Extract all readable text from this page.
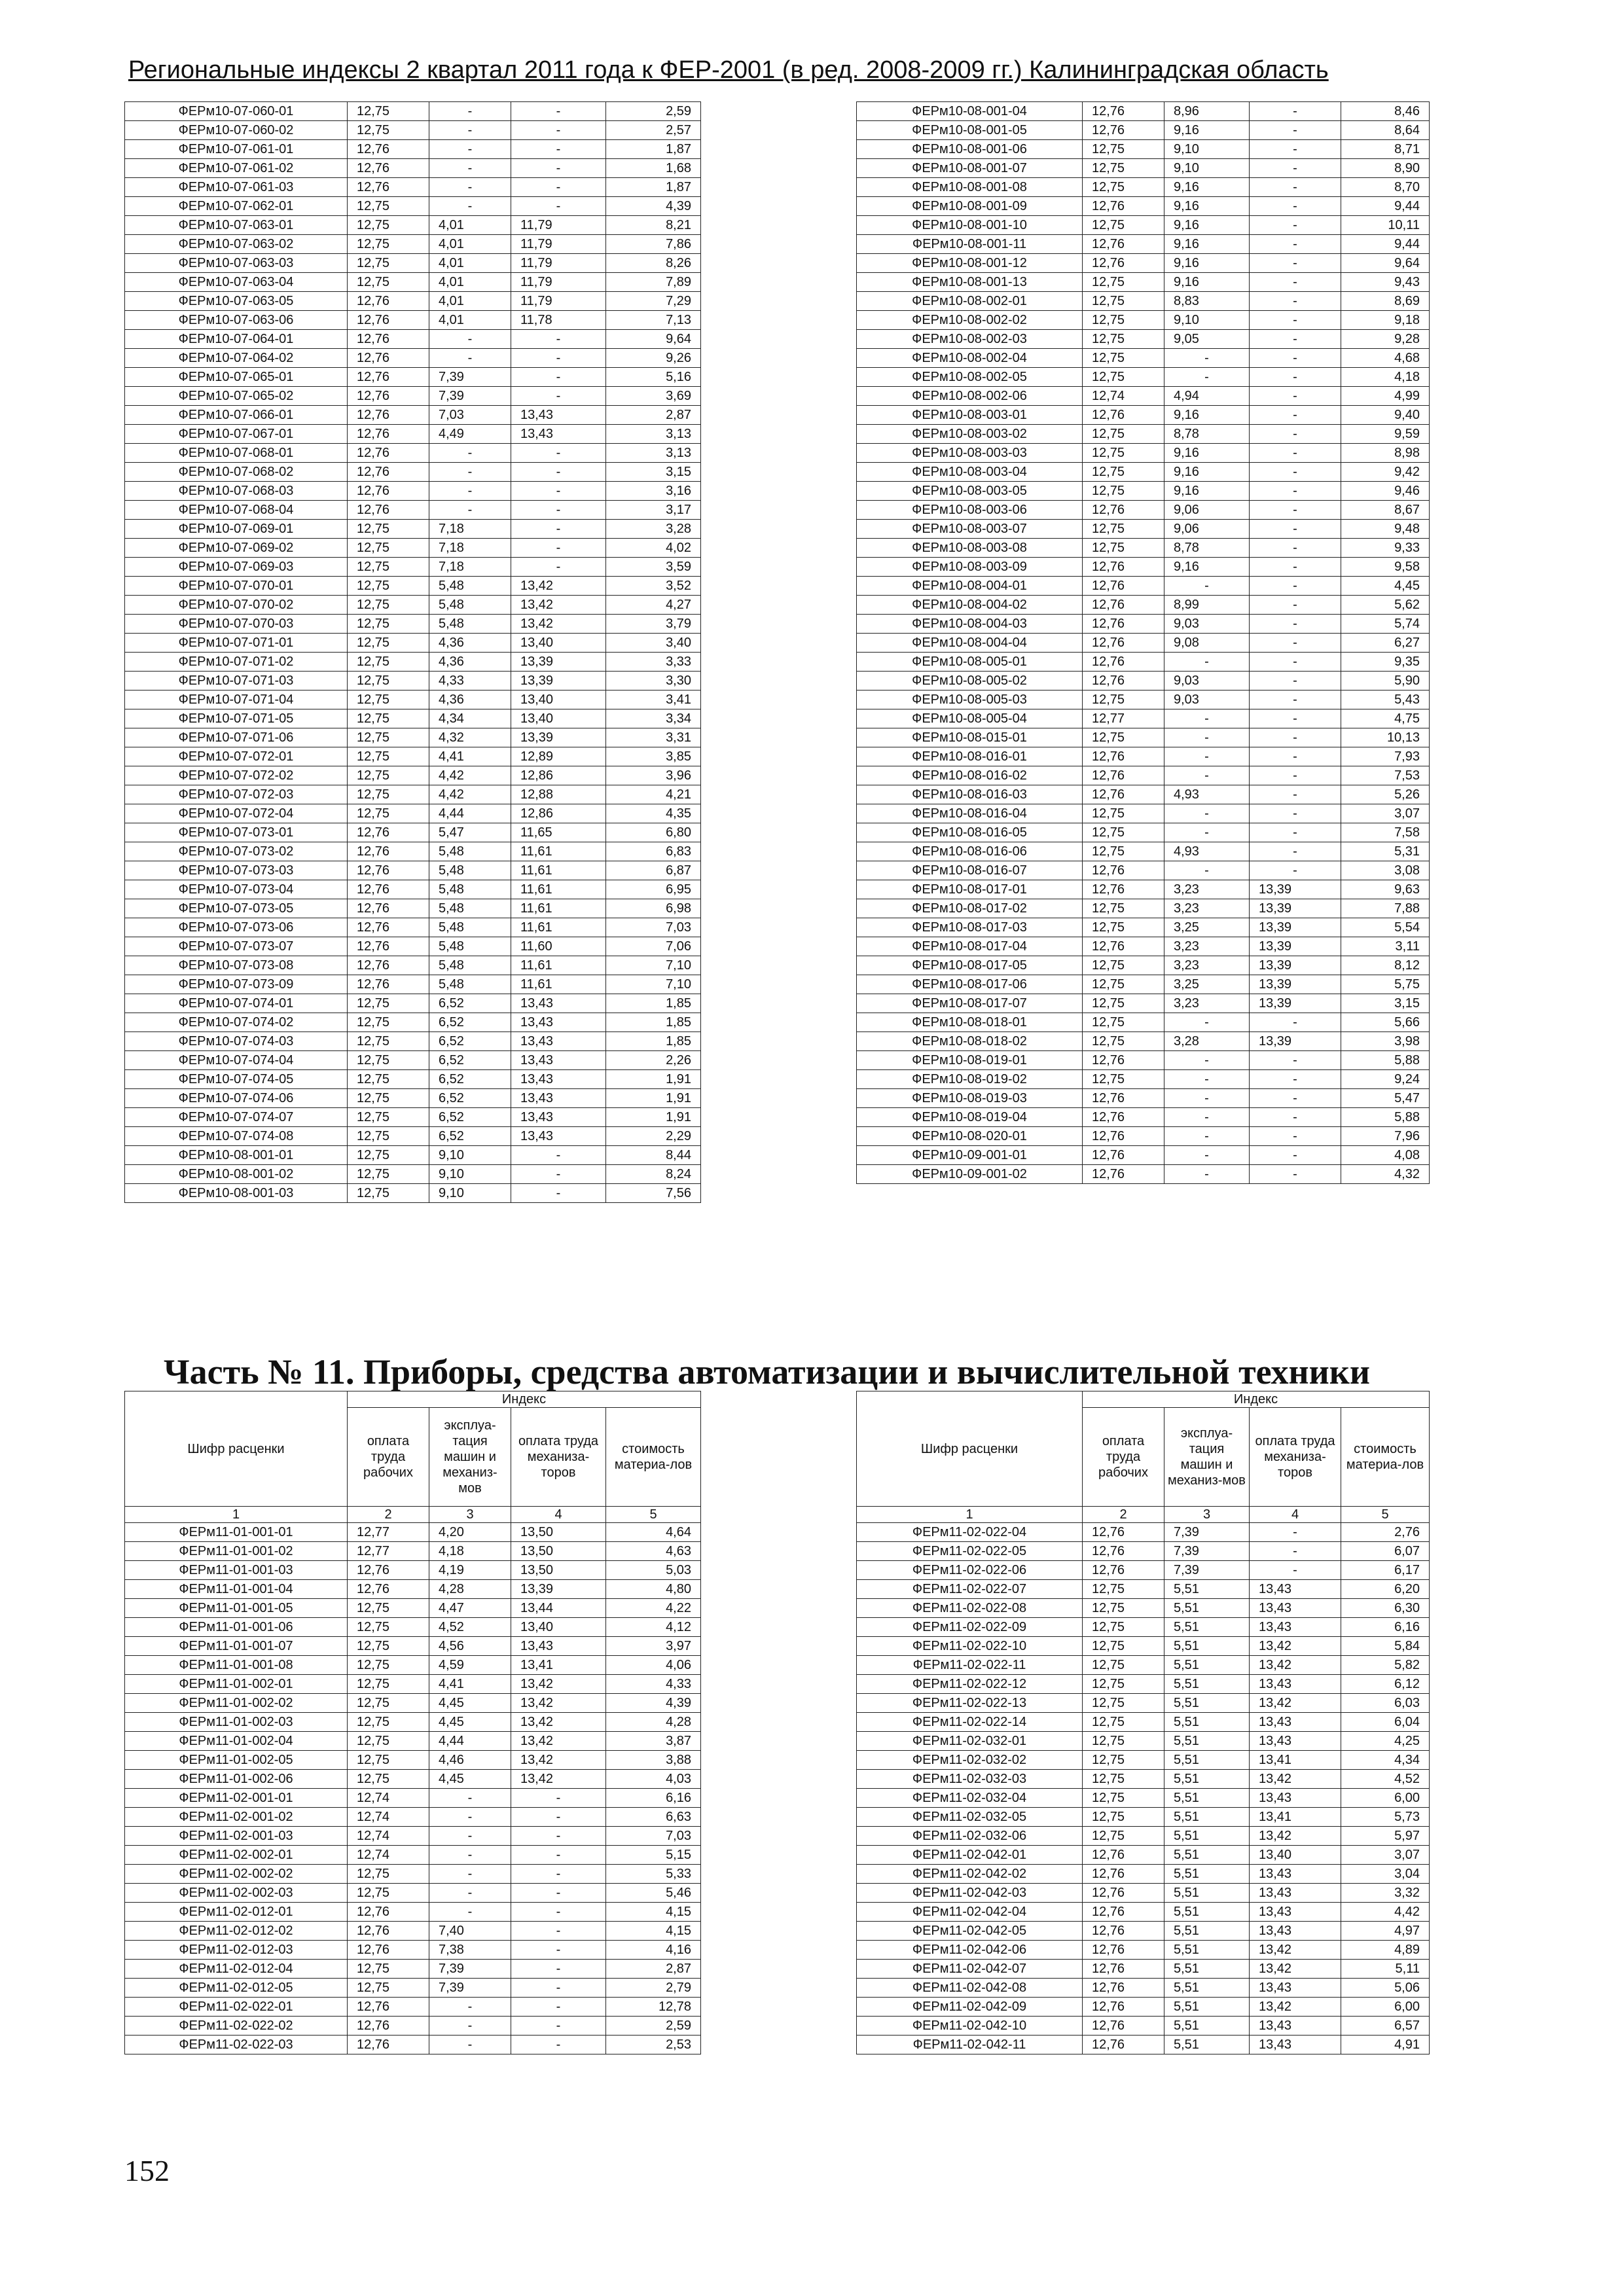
Региональные индексы 2 квартал 2011 года к ФЕР-2001 (в ред. 2008-2009 гг.) Калининградская область
ФЕРм10-07-060-01	12,75	-	-	2,59
ФЕРм10-07-060-02	12,75	-	-	2,57
ФЕРм10-07-061-01	12,76	-	-	1,87
ФЕРм10-07-061-02	12,76	-	-	1,68
ФЕРм10-07-061-03	12,76	-	-	1,87
ФЕРм10-07-062-01	12,75	-	-	4,39
ФЕРм10-07-063-01	12,75	4,01	11,79	8,21
ФЕРм10-07-063-02	12,75	4,01	11,79	7,86
ФЕРм10-07-063-03	12,75	4,01	11,79	8,26
ФЕРм10-07-063-04	12,75	4,01	11,79	7,89
ФЕРм10-07-063-05	12,76	4,01	11,79	7,29
ФЕРм10-07-063-06	12,76	4,01	11,78	7,13
ФЕРм10-07-064-01	12,76	-	-	9,64
ФЕРм10-07-064-02	12,76	-	-	9,26
ФЕРм10-07-065-01	12,76	7,39	-	5,16
ФЕРм10-07-065-02	12,76	7,39	-	3,69
ФЕРм10-07-066-01	12,76	7,03	13,43	2,87
ФЕРм10-07-067-01	12,76	4,49	13,43	3,13
ФЕРм10-07-068-01	12,76	-	-	3,13
ФЕРм10-07-068-02	12,76	-	-	3,15
ФЕРм10-07-068-03	12,76	-	-	3,16
ФЕРм10-07-068-04	12,76	-	-	3,17
ФЕРм10-07-069-01	12,75	7,18	-	3,28
ФЕРм10-07-069-02	12,75	7,18	-	4,02
ФЕРм10-07-069-03	12,75	7,18	-	3,59
ФЕРм10-07-070-01	12,75	5,48	13,42	3,52
ФЕРм10-07-070-02	12,75	5,48	13,42	4,27
ФЕРм10-07-070-03	12,75	5,48	13,42	3,79
ФЕРм10-07-071-01	12,75	4,36	13,40	3,40
ФЕРм10-07-071-02	12,75	4,36	13,39	3,33
ФЕРм10-07-071-03	12,75	4,33	13,39	3,30
ФЕРм10-07-071-04	12,75	4,36	13,40	3,41
ФЕРм10-07-071-05	12,75	4,34	13,40	3,34
ФЕРм10-07-071-06	12,75	4,32	13,39	3,31
ФЕРм10-07-072-01	12,75	4,41	12,89	3,85
ФЕРм10-07-072-02	12,75	4,42	12,86	3,96
ФЕРм10-07-072-03	12,75	4,42	12,88	4,21
ФЕРм10-07-072-04	12,75	4,44	12,86	4,35
ФЕРм10-07-073-01	12,76	5,47	11,65	6,80
ФЕРм10-07-073-02	12,76	5,48	11,61	6,83
ФЕРм10-07-073-03	12,76	5,48	11,61	6,87
ФЕРм10-07-073-04	12,76	5,48	11,61	6,95
ФЕРм10-07-073-05	12,76	5,48	11,61	6,98
ФЕРм10-07-073-06	12,76	5,48	11,61	7,03
ФЕРм10-07-073-07	12,76	5,48	11,60	7,06
ФЕРм10-07-073-08	12,76	5,48	11,61	7,10
ФЕРм10-07-073-09	12,76	5,48	11,61	7,10
ФЕРм10-07-074-01	12,75	6,52	13,43	1,85
ФЕРм10-07-074-02	12,75	6,52	13,43	1,85
ФЕРм10-07-074-03	12,75	6,52	13,43	1,85
ФЕРм10-07-074-04	12,75	6,52	13,43	2,26
ФЕРм10-07-074-05	12,75	6,52	13,43	1,91
ФЕРм10-07-074-06	12,75	6,52	13,43	1,91
ФЕРм10-07-074-07	12,75	6,52	13,43	1,91
ФЕРм10-07-074-08	12,75	6,52	13,43	2,29
ФЕРм10-08-001-01	12,75	9,10	-	8,44
ФЕРм10-08-001-02	12,75	9,10	-	8,24
ФЕРм10-08-001-03	12,75	9,10	-	7,56
ФЕРм10-08-001-04	12,76	8,96	-	8,46
ФЕРм10-08-001-05	12,76	9,16	-	8,64
ФЕРм10-08-001-06	12,75	9,10	-	8,71
ФЕРм10-08-001-07	12,75	9,10	-	8,90
ФЕРм10-08-001-08	12,75	9,16	-	8,70
ФЕРм10-08-001-09	12,76	9,16	-	9,44
ФЕРм10-08-001-10	12,75	9,16	-	10,11
ФЕРм10-08-001-11	12,76	9,16	-	9,44
ФЕРм10-08-001-12	12,76	9,16	-	9,64
ФЕРм10-08-001-13	12,75	9,16	-	9,43
ФЕРм10-08-002-01	12,75	8,83	-	8,69
ФЕРм10-08-002-02	12,75	9,10	-	9,18
ФЕРм10-08-002-03	12,75	9,05	-	9,28
ФЕРм10-08-002-04	12,75	-	-	4,68
ФЕРм10-08-002-05	12,75	-	-	4,18
ФЕРм10-08-002-06	12,74	4,94	-	4,99
ФЕРм10-08-003-01	12,76	9,16	-	9,40
ФЕРм10-08-003-02	12,75	8,78	-	9,59
ФЕРм10-08-003-03	12,75	9,16	-	8,98
ФЕРм10-08-003-04	12,75	9,16	-	9,42
ФЕРм10-08-003-05	12,75	9,16	-	9,46
ФЕРм10-08-003-06	12,76	9,06	-	8,67
ФЕРм10-08-003-07	12,75	9,06	-	9,48
ФЕРм10-08-003-08	12,75	8,78	-	9,33
ФЕРм10-08-003-09	12,76	9,16	-	9,58
ФЕРм10-08-004-01	12,76	-	-	4,45
ФЕРм10-08-004-02	12,76	8,99	-	5,62
ФЕРм10-08-004-03	12,76	9,03	-	5,74
ФЕРм10-08-004-04	12,76	9,08	-	6,27
ФЕРм10-08-005-01	12,76	-	-	9,35
ФЕРм10-08-005-02	12,76	9,03	-	5,90
ФЕРм10-08-005-03	12,75	9,03	-	5,43
ФЕРм10-08-005-04	12,77	-	-	4,75
ФЕРм10-08-015-01	12,75	-	-	10,13
ФЕРм10-08-016-01	12,76	-	-	7,93
ФЕРм10-08-016-02	12,76	-	-	7,53
ФЕРм10-08-016-03	12,76	4,93	-	5,26
ФЕРм10-08-016-04	12,75	-	-	3,07
ФЕРм10-08-016-05	12,75	-	-	7,58
ФЕРм10-08-016-06	12,75	4,93	-	5,31
ФЕРм10-08-016-07	12,76	-	-	3,08
ФЕРм10-08-017-01	12,76	3,23	13,39	9,63
ФЕРм10-08-017-02	12,75	3,23	13,39	7,88
ФЕРм10-08-017-03	12,75	3,25	13,39	5,54
ФЕРм10-08-017-04	12,76	3,23	13,39	3,11
ФЕРм10-08-017-05	12,75	3,23	13,39	8,12
ФЕРм10-08-017-06	12,75	3,25	13,39	5,75
ФЕРм10-08-017-07	12,75	3,23	13,39	3,15
ФЕРм10-08-018-01	12,75	-	-	5,66
ФЕРм10-08-018-02	12,75	3,28	13,39	3,98
ФЕРм10-08-019-01	12,76	-	-	5,88
ФЕРм10-08-019-02	12,75	-	-	9,24
ФЕРм10-08-019-03	12,76	-	-	5,47
ФЕРм10-08-019-04	12,76	-	-	5,88
ФЕРм10-08-020-01	12,76	-	-	7,96
ФЕРм10-09-001-01	12,76	-	-	4,08
ФЕРм10-09-001-02	12,76	-	-	4,32
Часть № 11. Приборы, средства автоматизации и вычислительной техники
Шифр расценки	Индекс			
	оплата труда рабочих	эксплуа-тация машин и механиз-мов	оплата труда механиза-торов	стоимость материа-лов
1	2	3	4	5
ФЕРм11-01-001-01	12,77	4,20	13,50	4,64
ФЕРм11-01-001-02	12,77	4,18	13,50	4,63
ФЕРм11-01-001-03	12,76	4,19	13,50	5,03
ФЕРм11-01-001-04	12,76	4,28	13,39	4,80
ФЕРм11-01-001-05	12,75	4,47	13,44	4,22
ФЕРм11-01-001-06	12,75	4,52	13,40	4,12
ФЕРм11-01-001-07	12,75	4,56	13,43	3,97
ФЕРм11-01-001-08	12,75	4,59	13,41	4,06
ФЕРм11-01-002-01	12,75	4,41	13,42	4,33
ФЕРм11-01-002-02	12,75	4,45	13,42	4,39
ФЕРм11-01-002-03	12,75	4,45	13,42	4,28
ФЕРм11-01-002-04	12,75	4,44	13,42	3,87
ФЕРм11-01-002-05	12,75	4,46	13,42	3,88
ФЕРм11-01-002-06	12,75	4,45	13,42	4,03
ФЕРм11-02-001-01	12,74	-	-	6,16
ФЕРм11-02-001-02	12,74	-	-	6,63
ФЕРм11-02-001-03	12,74	-	-	7,03
ФЕРм11-02-002-01	12,74	-	-	5,15
ФЕРм11-02-002-02	12,75	-	-	5,33
ФЕРм11-02-002-03	12,75	-	-	5,46
ФЕРм11-02-012-01	12,76	-	-	4,15
ФЕРм11-02-012-02	12,76	7,40	-	4,15
ФЕРм11-02-012-03	12,76	7,38	-	4,16
ФЕРм11-02-012-04	12,75	7,39	-	2,87
ФЕРм11-02-012-05	12,75	7,39	-	2,79
ФЕРм11-02-022-01	12,76	-	-	12,78
ФЕРм11-02-022-02	12,76	-	-	2,59
ФЕРм11-02-022-03	12,76	-	-	2,53
Шифр расценки	Индекс			
	оплата труда рабочих	эксплуа-тация машин и механиз-мов	оплата труда механиза-торов	стоимость материа-лов
1	2	3	4	5
ФЕРм11-02-022-04	12,76	7,39	-	2,76
ФЕРм11-02-022-05	12,76	7,39	-	6,07
ФЕРм11-02-022-06	12,76	7,39	-	6,17
ФЕРм11-02-022-07	12,75	5,51	13,43	6,20
ФЕРм11-02-022-08	12,75	5,51	13,43	6,30
ФЕРм11-02-022-09	12,75	5,51	13,43	6,16
ФЕРм11-02-022-10	12,75	5,51	13,42	5,84
ФЕРм11-02-022-11	12,75	5,51	13,42	5,82
ФЕРм11-02-022-12	12,75	5,51	13,43	6,12
ФЕРм11-02-022-13	12,75	5,51	13,42	6,03
ФЕРм11-02-022-14	12,75	5,51	13,43	6,04
ФЕРм11-02-032-01	12,75	5,51	13,43	4,25
ФЕРм11-02-032-02	12,75	5,51	13,41	4,34
ФЕРм11-02-032-03	12,75	5,51	13,42	4,52
ФЕРм11-02-032-04	12,75	5,51	13,43	6,00
ФЕРм11-02-032-05	12,75	5,51	13,41	5,73
ФЕРм11-02-032-06	12,75	5,51	13,42	5,97
ФЕРм11-02-042-01	12,76	5,51	13,40	3,07
ФЕРм11-02-042-02	12,76	5,51	13,43	3,04
ФЕРм11-02-042-03	12,76	5,51	13,43	3,32
ФЕРм11-02-042-04	12,76	5,51	13,43	4,42
ФЕРм11-02-042-05	12,76	5,51	13,43	4,97
ФЕРм11-02-042-06	12,76	5,51	13,42	4,89
ФЕРм11-02-042-07	12,76	5,51	13,42	5,11
ФЕРм11-02-042-08	12,76	5,51	13,43	5,06
ФЕРм11-02-042-09	12,76	5,51	13,42	6,00
ФЕРм11-02-042-10	12,76	5,51	13,43	6,57
ФЕРм11-02-042-11	12,76	5,51	13,43	4,91
152
